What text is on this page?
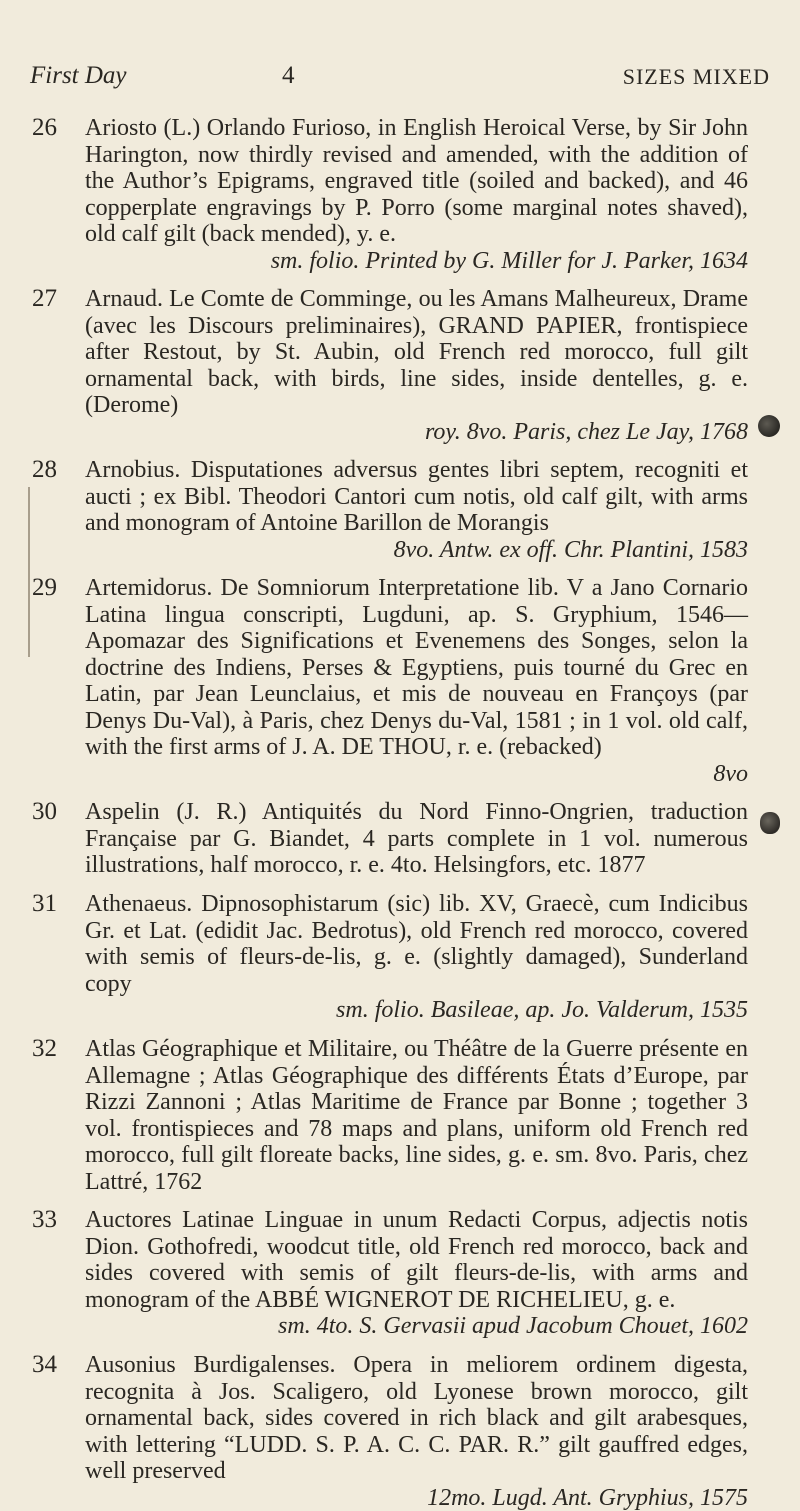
First Day	4	SIZES MIXED
26 Ariosto (L.) Orlando Furioso, in English Heroical Verse, by Sir John Harington, now thirdly revised and amended, with the addition of the Author’s Epigrams, engraved title (soiled and backed), and 46 copperplate engravings by P. Porro (some marginal notes shaved), old calf gilt (back mended), y. e.
sm. folio. Printed by G. Miller for J. Parker, 1634
27 Arnaud. Le Comte de Comminge, ou les Amans Malheureux, Drame (avec les Discours preliminaires), GRAND PAPIER, frontispiece after Restout, by St. Aubin, old French red morocco, full gilt ornamental back, with birds, line sides, inside dentelles, g. e. (Derome)
roy. 8vo. Paris, chez Le Jay, 1768
28 Arnobius. Disputationes adversus gentes libri septem, recogniti et aucti ; ex Bibl. Theodori Cantori cum notis, old calf gilt, with arms and monogram of Antoine Barillon de Morangis
8vo. Antw. ex off. Chr. Plantini, 1583
29 Artemidorus. De Somniorum Interpretatione lib. V a Jano Cornario Latina lingua conscripti, Lugduni, ap. S. Gryphium, 1546—Apomazar des Significations et Evenemens des Songes, selon la doctrine des Indiens, Perses & Egyptiens, puis tourné du Grec en Latin, par Jean Leunclaius, et mis de nouveau en Françoys (par Denys Du-Val), à Paris, chez Denys du-Val, 1581 ; in 1 vol. old calf, with the first arms of J. A. DE THOU, r. e. (rebacked)
8vo
30 Aspelin (J. R.) Antiquités du Nord Finno-Ongrien, traduction Française par G. Biandet, 4 parts complete in 1 vol. numerous illustrations, half morocco, r. e. 4to. Helsingfors, etc. 1877
31 Athenaeus. Dipnosophistarum (sic) lib. XV, Graecè, cum Indicibus Gr. et Lat. (edidit Jac. Bedrotus), old French red morocco, covered with semis of fleurs-de-lis, g. e. (slightly damaged), Sunderland copy
sm. folio. Basileae, ap. Jo. Valderum, 1535
32 Atlas Géographique et Militaire, ou Théâtre de la Guerre présente en Allemagne ; Atlas Géographique des différents États d’Europe, par Rizzi Zannoni ; Atlas Maritime de France par Bonne ; together 3 vol. frontispieces and 78 maps and plans, uniform old French red morocco, full gilt floreate backs, line sides, g. e. sm. 8vo. Paris, chez Lattré, 1762
33 Auctores Latinae Linguae in unum Redacti Corpus, adjectis notis Dion. Gothofredi, woodcut title, old French red morocco, back and sides covered with semis of gilt fleurs-de-lis, with arms and monogram of the ABBÉ WIGNEROT DE RICHELIEU, g. e.
sm. 4to. S. Gervasii apud Jacobum Chouet, 1602
34 Ausonius Burdigalenses. Opera in meliorem ordinem digesta, recognita à Jos. Scaligero, old Lyonese brown morocco, gilt ornamental back, sides covered in rich black and gilt arabesques, with lettering “LUDD. S. P. A. C. C. PAR. R.” gilt gauffred edges, well preserved
12mo. Lugd. Ant. Gryphius, 1575
